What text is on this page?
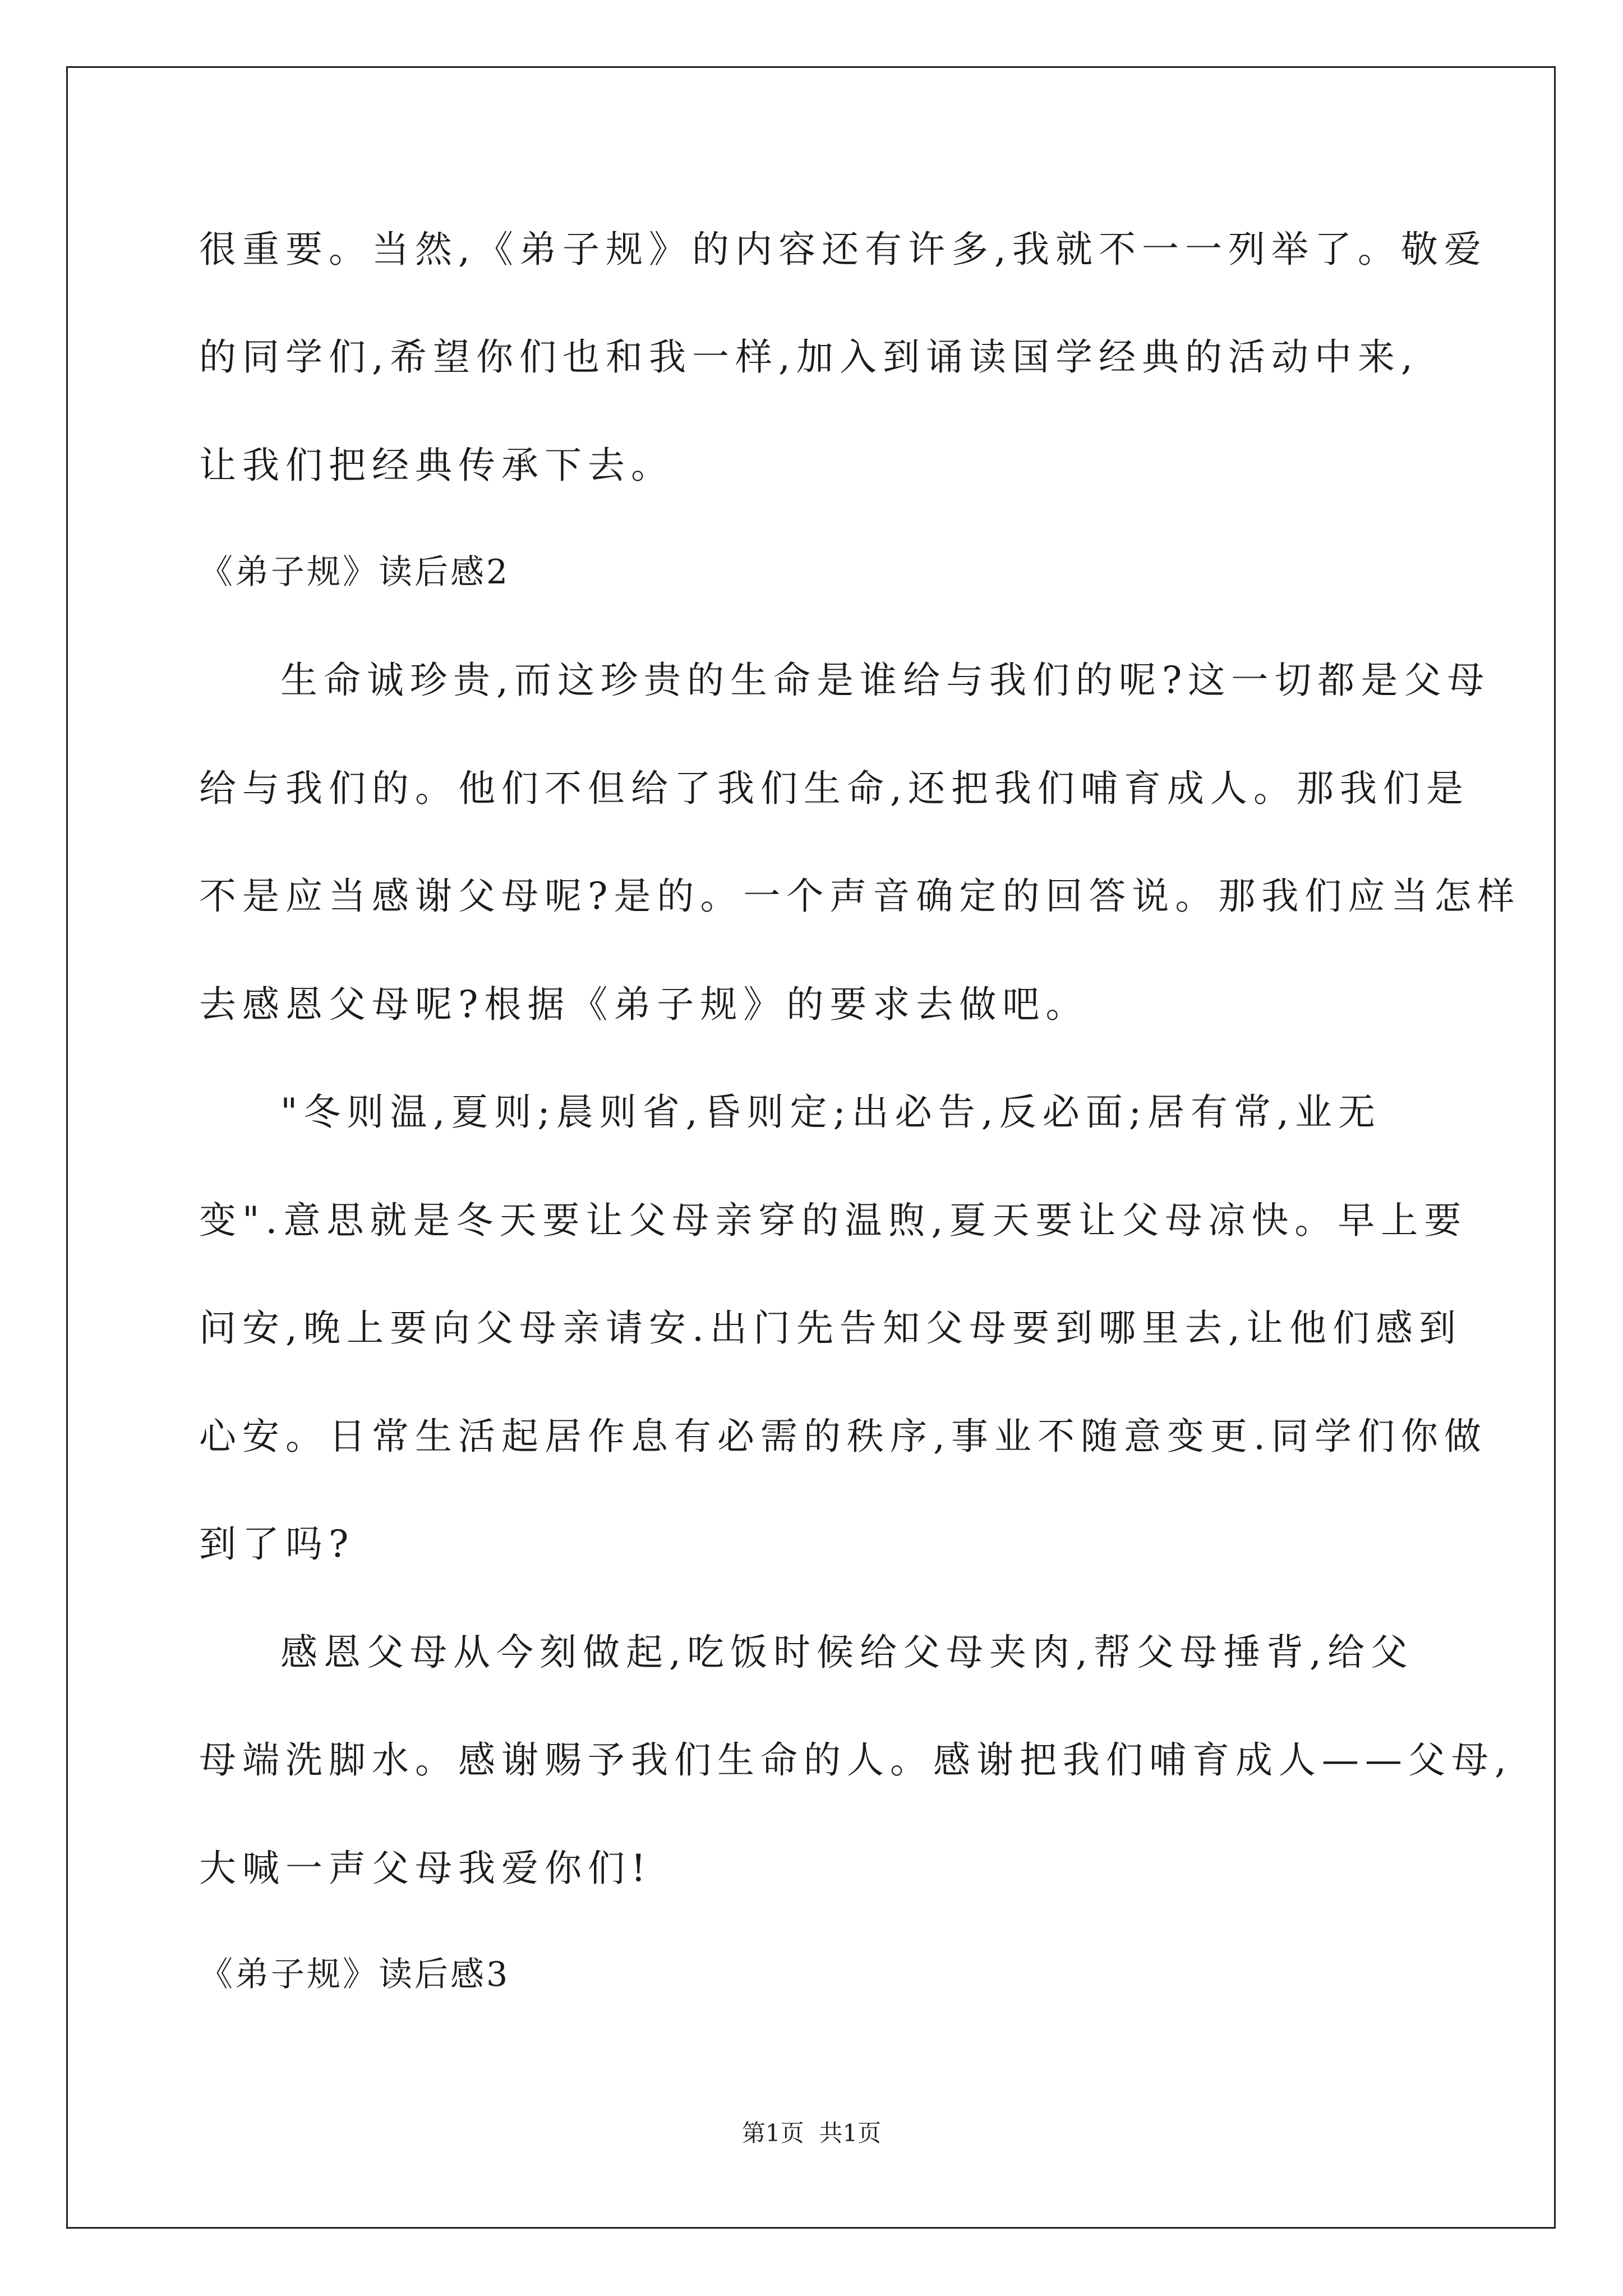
很重要。当然,《弟子规》的内容还有许多,我就不一一列举了。敬爱
的同学们,希望你们也和我一样,加入到诵读国学经典的活动中来,
让我们把经典传承下去。
《弟子规》读后感2
生命诚珍贵,而这珍贵的生命是谁给与我们的呢?这一切都是父母
给与我们的。他们不但给了我们生命,还把我们哺育成人。那我们是
不是应当感谢父母呢?是的。一个声音确定的回答说。那我们应当怎样
去感恩父母呢?根据《弟子规》的要求去做吧。
"冬则温,夏则;晨则省,昏则定;出必告,反必面;居有常,业无
变".意思就是冬天要让父母亲穿的温煦,夏天要让父母凉快。早上要
问安,晚上要向父母亲请安.出门先告知父母要到哪里去,让他们感到
心安。日常生活起居作息有必需的秩序,事业不随意变更.同学们你做
到了吗?
感恩父母从今刻做起,吃饭时候给父母夹肉,帮父母捶背,给父
母端洗脚水。感谢赐予我们生命的人。感谢把我们哺育成人——父母,
大喊一声父母我爱你们!
《弟子规》读后感3
第1页  共1页
